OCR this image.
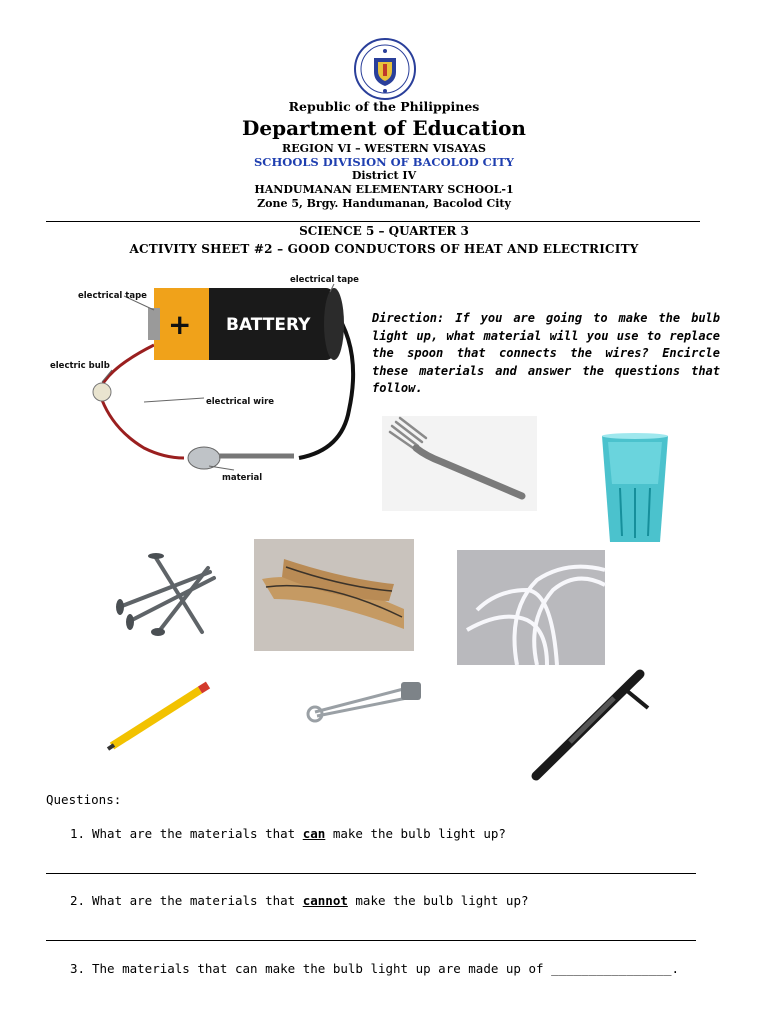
Republic of the Philippines
Department of Education
REGION VI – WESTERN VISAYAS
SCHOOLS DIVISION OF BACOLOD CITY
District IV
HANDUMANAN ELEMENTARY SCHOOL-1
Zone 5, Brgy. Handumanan, Bacolod City
SCIENCE 5 – QUARTER 3
ACTIVITY SHEET #2 – GOOD CONDUCTORS OF HEAT AND ELECTRICITY
+ BATTERY
electrical tape
electrical tape
electric bulb
electrical wire
material
Direction: If you are going to make the bulb light up, what material will you use to replace the spoon that connects the wires? Encircle these materials and answer the questions that follow.
Questions:
1. What are the materials that can make the bulb light up?
2. What are the materials that cannot make the bulb light up?
3. The materials that can make the bulb light up are made up of ________________.
